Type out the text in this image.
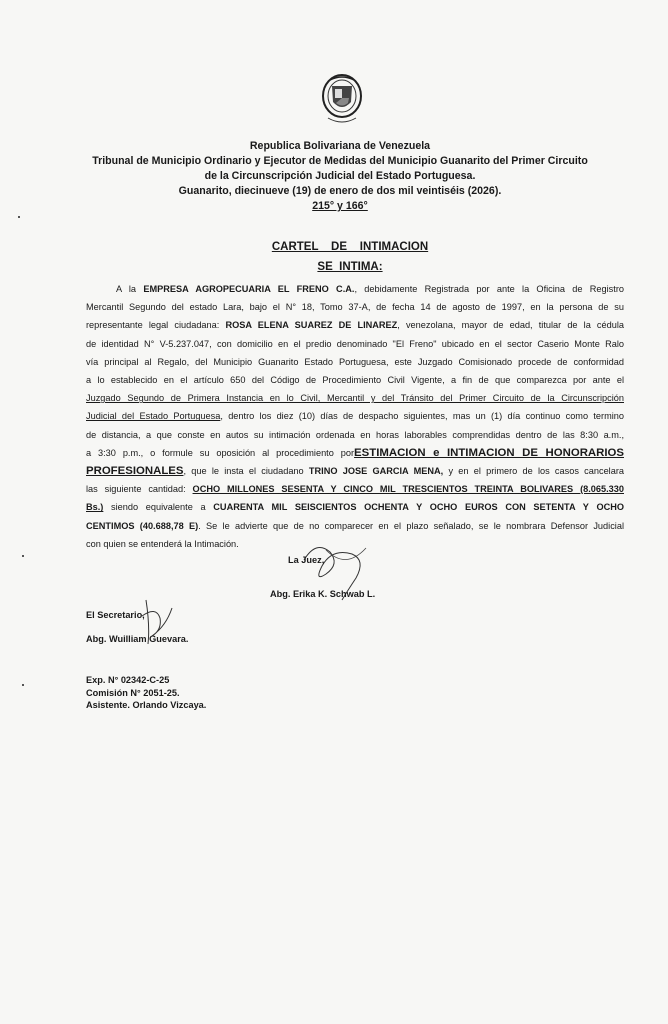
Republica Bolivariana de Venezuela
Tribunal de Municipio Ordinario y Ejecutor de Medidas del Municipio Guanarito del Primer Circuito
de la Circunscripción Judicial del Estado Portuguesa.
Guanarito, diecinueve (19) de enero de dos mil veintiséis (2026).
215° y 166°
CARTEL    DE    INTIMACION
SE  INTIMA:
A la EMPRESA AGROPECUARIA EL FRENO C.A., debidamente Registrada por ante la Oficina de Registro
Mercantil Segundo del estado Lara, bajo el N° 18, Tomo 37-A, de fecha 14 de agosto de 1997, en la persona de su
representante legal ciudadana: ROSA ELENA SUAREZ DE LINAREZ, venezolana, mayor de edad, titular de la cédula
de identidad N° V-5.237.047, con domicilio en el predio denominado "El Freno" ubicado en el sector Caserio Monte Ralo
vía principal al Regalo, del Municipio Guanarito Estado Portuguesa, este Juzgado Comisionado procede de conformidad
a lo establecido en el artículo 650 del Código de Procedimiento Civil Vigente, a fin de que comparezca por ante el
Juzgado Segundo de Primera Instancia en lo Civil, Mercantil y del Tránsito del Primer Circuito de la Circunscripción
Judicial del Estado Portuguesa, dentro los diez (10) días de despacho siguientes, mas un (1) día continuo como termino
de distancia, a que conste en autos su intimación ordenada en horas laborables comprendidas dentro de las 8:30 a.m.,
a 3:30 p.m., o formule su oposición al procedimiento porESTIMACION e INTIMACION DE HONORARIOS
PROFESIONALES, que le insta el ciudadano TRINO JOSE GARCIA MENA, y en el primero de los casos cancelara
las siguiente cantidad: OCHO MILLONES SESENTA Y CINCO MIL TRESCIENTOS TREINTA BOLIVARES (8.065.330
Bs.) siendo equivalente a CUARENTA MIL SEISCIENTOS OCHENTA Y OCHO EUROS CON SETENTA Y OCHO
CENTIMOS (40.688,78 E). Se le advierte que de no comparecer en el plazo señalado, se le nombrara Defensor Judicial
con quien se entenderá la Intimación.
La Juez,
Abg. Erika K. Schwab L.
El Secretario,
Abg. Wuilliam Guevara.
Exp. N° 02342-C-25
Comisión N° 2051-25.
Asistente. Orlando Vizcaya.
